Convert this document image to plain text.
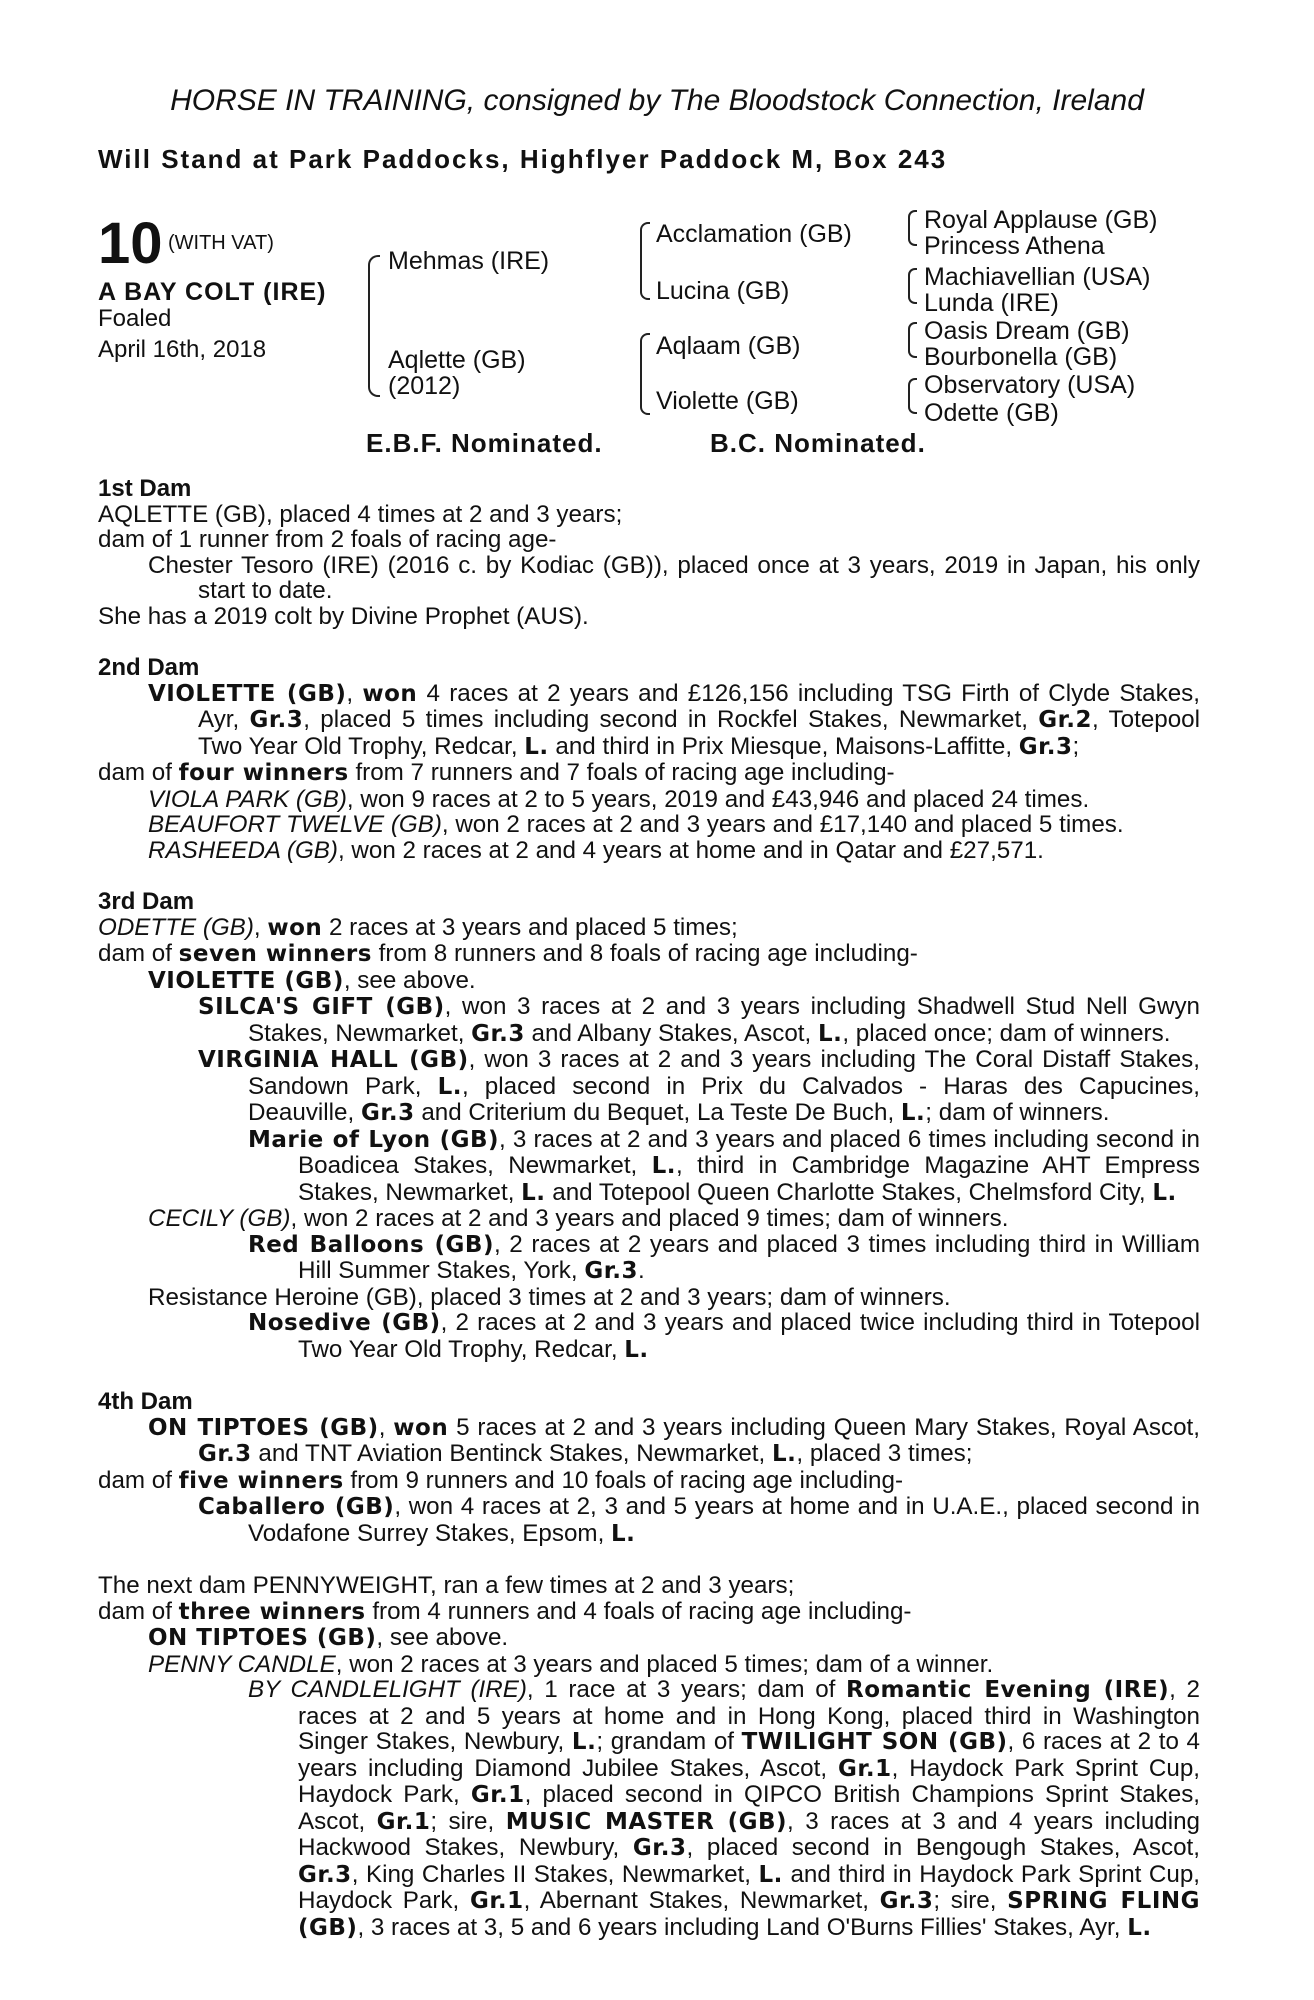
HORSE IN TRAINING, consigned by The Bloodstock Connection, Ireland
Will Stand at Park Paddocks, Highflyer Paddock M, Box 243
10 (WITH VAT)
A BAY COLT (IRE)
Foaled
April 16th, 2018
Mehmas (IRE)
Aqlette (GB)
(2012)
Acclamation (GB)
Lucina (GB)
Aqlaam (GB)
Violette (GB)
Royal Applause (GB)
Princess Athena
Machiavellian (USA)
Lunda (IRE)
Oasis Dream (GB)
Bourbonella (GB)
Observatory (USA)
Odette (GB)
E.B.F. Nominated.	B.C. Nominated.
1st Dam
AQLETTE (GB), placed 4 times at 2 and 3 years;
dam of 1 runner from 2 foals of racing age-
Chester Tesoro (IRE) (2016 c. by Kodiac (GB)), placed once at 3 years, 2019 in Japan, his only start to date.
She has a 2019 colt by Divine Prophet (AUS).
2nd Dam
VIOLETTE (GB), won 4 races at 2 years and £126,156 including TSG Firth of Clyde Stakes, Ayr, Gr.3, placed 5 times including second in Rockfel Stakes, Newmarket, Gr.2, Totepool Two Year Old Trophy, Redcar, L. and third in Prix Miesque, Maisons-Laffitte, Gr.3;
dam of four winners from 7 runners and 7 foals of racing age including-
VIOLA PARK (GB), won 9 races at 2 to 5 years, 2019 and £43,946 and placed 24 times.
BEAUFORT TWELVE (GB), won 2 races at 2 and 3 years and £17,140 and placed 5 times.
RASHEEDA (GB), won 2 races at 2 and 4 years at home and in Qatar and £27,571.
3rd Dam
ODETTE (GB), won 2 races at 3 years and placed 5 times;
dam of seven winners from 8 runners and 8 foals of racing age including-
VIOLETTE (GB), see above.
SILCA'S GIFT (GB), won 3 races at 2 and 3 years including Shadwell Stud Nell Gwyn Stakes, Newmarket, Gr.3 and Albany Stakes, Ascot, L., placed once; dam of winners.
VIRGINIA HALL (GB), won 3 races at 2 and 3 years including The Coral Distaff Stakes, Sandown Park, L., placed second in Prix du Calvados - Haras des Capucines, Deauville, Gr.3 and Criterium du Bequet, La Teste De Buch, L.; dam of winners.
Marie of Lyon (GB), 3 races at 2 and 3 years and placed 6 times including second in Boadicea Stakes, Newmarket, L., third in Cambridge Magazine AHT Empress Stakes, Newmarket, L. and Totepool Queen Charlotte Stakes, Chelmsford City, L.
CECILY (GB), won 2 races at 2 and 3 years and placed 9 times; dam of winners.
Red Balloons (GB), 2 races at 2 years and placed 3 times including third in William Hill Summer Stakes, York, Gr.3.
Resistance Heroine (GB), placed 3 times at 2 and 3 years; dam of winners.
Nosedive (GB), 2 races at 2 and 3 years and placed twice including third in Totepool Two Year Old Trophy, Redcar, L.
4th Dam
ON TIPTOES (GB), won 5 races at 2 and 3 years including Queen Mary Stakes, Royal Ascot, Gr.3 and TNT Aviation Bentinck Stakes, Newmarket, L., placed 3 times;
dam of five winners from 9 runners and 10 foals of racing age including-
Caballero (GB), won 4 races at 2, 3 and 5 years at home and in U.A.E., placed second in Vodafone Surrey Stakes, Epsom, L.
The next dam PENNYWEIGHT, ran a few times at 2 and 3 years;
dam of three winners from 4 runners and 4 foals of racing age including-
ON TIPTOES (GB), see above.
PENNY CANDLE, won 2 races at 3 years and placed 5 times; dam of a winner.
BY CANDLELIGHT (IRE), 1 race at 3 years; dam of Romantic Evening (IRE), 2 races at 2 and 5 years at home and in Hong Kong, placed third in Washington Singer Stakes, Newbury, L.; grandam of TWILIGHT SON (GB), 6 races at 2 to 4 years including Diamond Jubilee Stakes, Ascot, Gr.1, Haydock Park Sprint Cup, Haydock Park, Gr.1, placed second in QIPCO British Champions Sprint Stakes, Ascot, Gr.1; sire, MUSIC MASTER (GB), 3 races at 3 and 4 years including Hackwood Stakes, Newbury, Gr.3, placed second in Bengough Stakes, Ascot, Gr.3, King Charles II Stakes, Newmarket, L. and third in Haydock Park Sprint Cup, Haydock Park, Gr.1, Abernant Stakes, Newmarket, Gr.3; sire, SPRING FLING (GB), 3 races at 3, 5 and 6 years including Land O'Burns Fillies' Stakes, Ayr, L.
